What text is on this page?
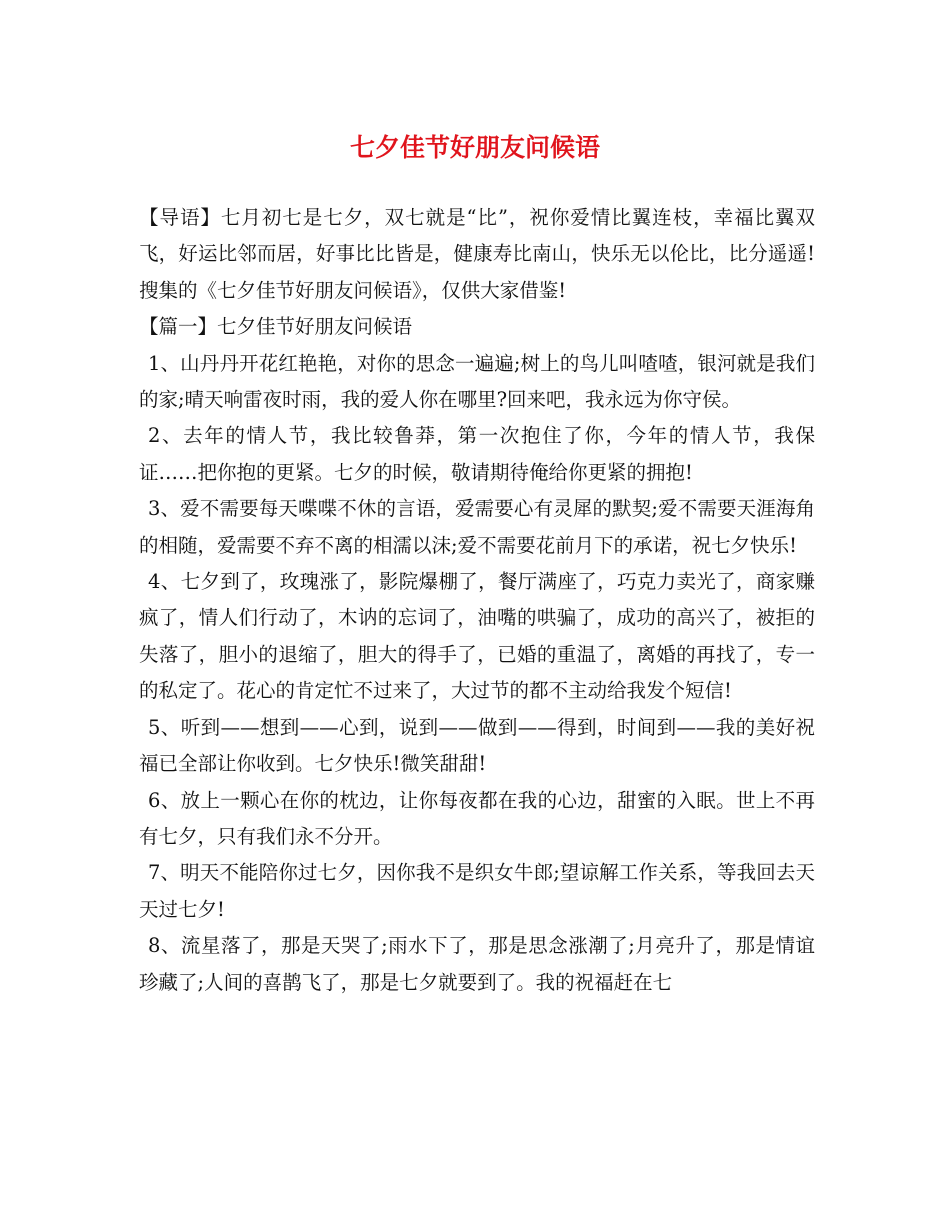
七夕佳节好朋友问候语

【导语】七月初七是七夕，双七就是“比”，祝你爱情比翼连枝，幸福比翼双飞，好运比邻而居，好事比比皆是，健康寿比南山，快乐无以伦比，比分遥遥!搜集的《七夕佳节好朋友问候语》，仅供大家借鉴!

【篇一】七夕佳节好朋友问候语

1、山丹丹开花红艳艳，对你的思念一遍遍;树上的鸟儿叫喳喳，银河就是我们的家;晴天响雷夜时雨，我的爱人你在哪里?回来吧，我永远为你守侯。

2、去年的情人节，我比较鲁莽，第一次抱住了你，今年的情人节，我保证……把你抱的更紧。七夕的时候，敬请期待俺给你更紧的拥抱!

3、爱不需要每天喋喋不休的言语，爱需要心有灵犀的默契;爱不需要天涯海角的相随，爱需要不弃不离的相濡以沫;爱不需要花前月下的承诺，祝七夕快乐!

4、七夕到了，玫瑰涨了，影院爆棚了，餐厅满座了，巧克力卖光了，商家赚疯了，情人们行动了，木讷的忘词了，油嘴的哄骗了，成功的高兴了，被拒的失落了，胆小的退缩了，胆大的得手了，已婚的重温了，离婚的再找了，专一的私定了。花心的肯定忙不过来了，大过节的都不主动给我发个短信!

5、听到——想到——心到，说到——做到——得到，时间到——我的美好祝福已全部让你收到。七夕快乐!微笑甜甜!

6、放上一颗心在你的枕边，让你每夜都在我的心边，甜蜜的入眠。世上不再有七夕，只有我们永不分开。

7、明天不能陪你过七夕，因你我不是织女牛郎;望谅解工作关系，等我回去天天过七夕!

8、流星落了，那是天哭了;雨水下了，那是思念涨潮了;月亮升了，那是情谊珍藏了;人间的喜鹊飞了，那是七夕就要到了。我的祝福赶在七
